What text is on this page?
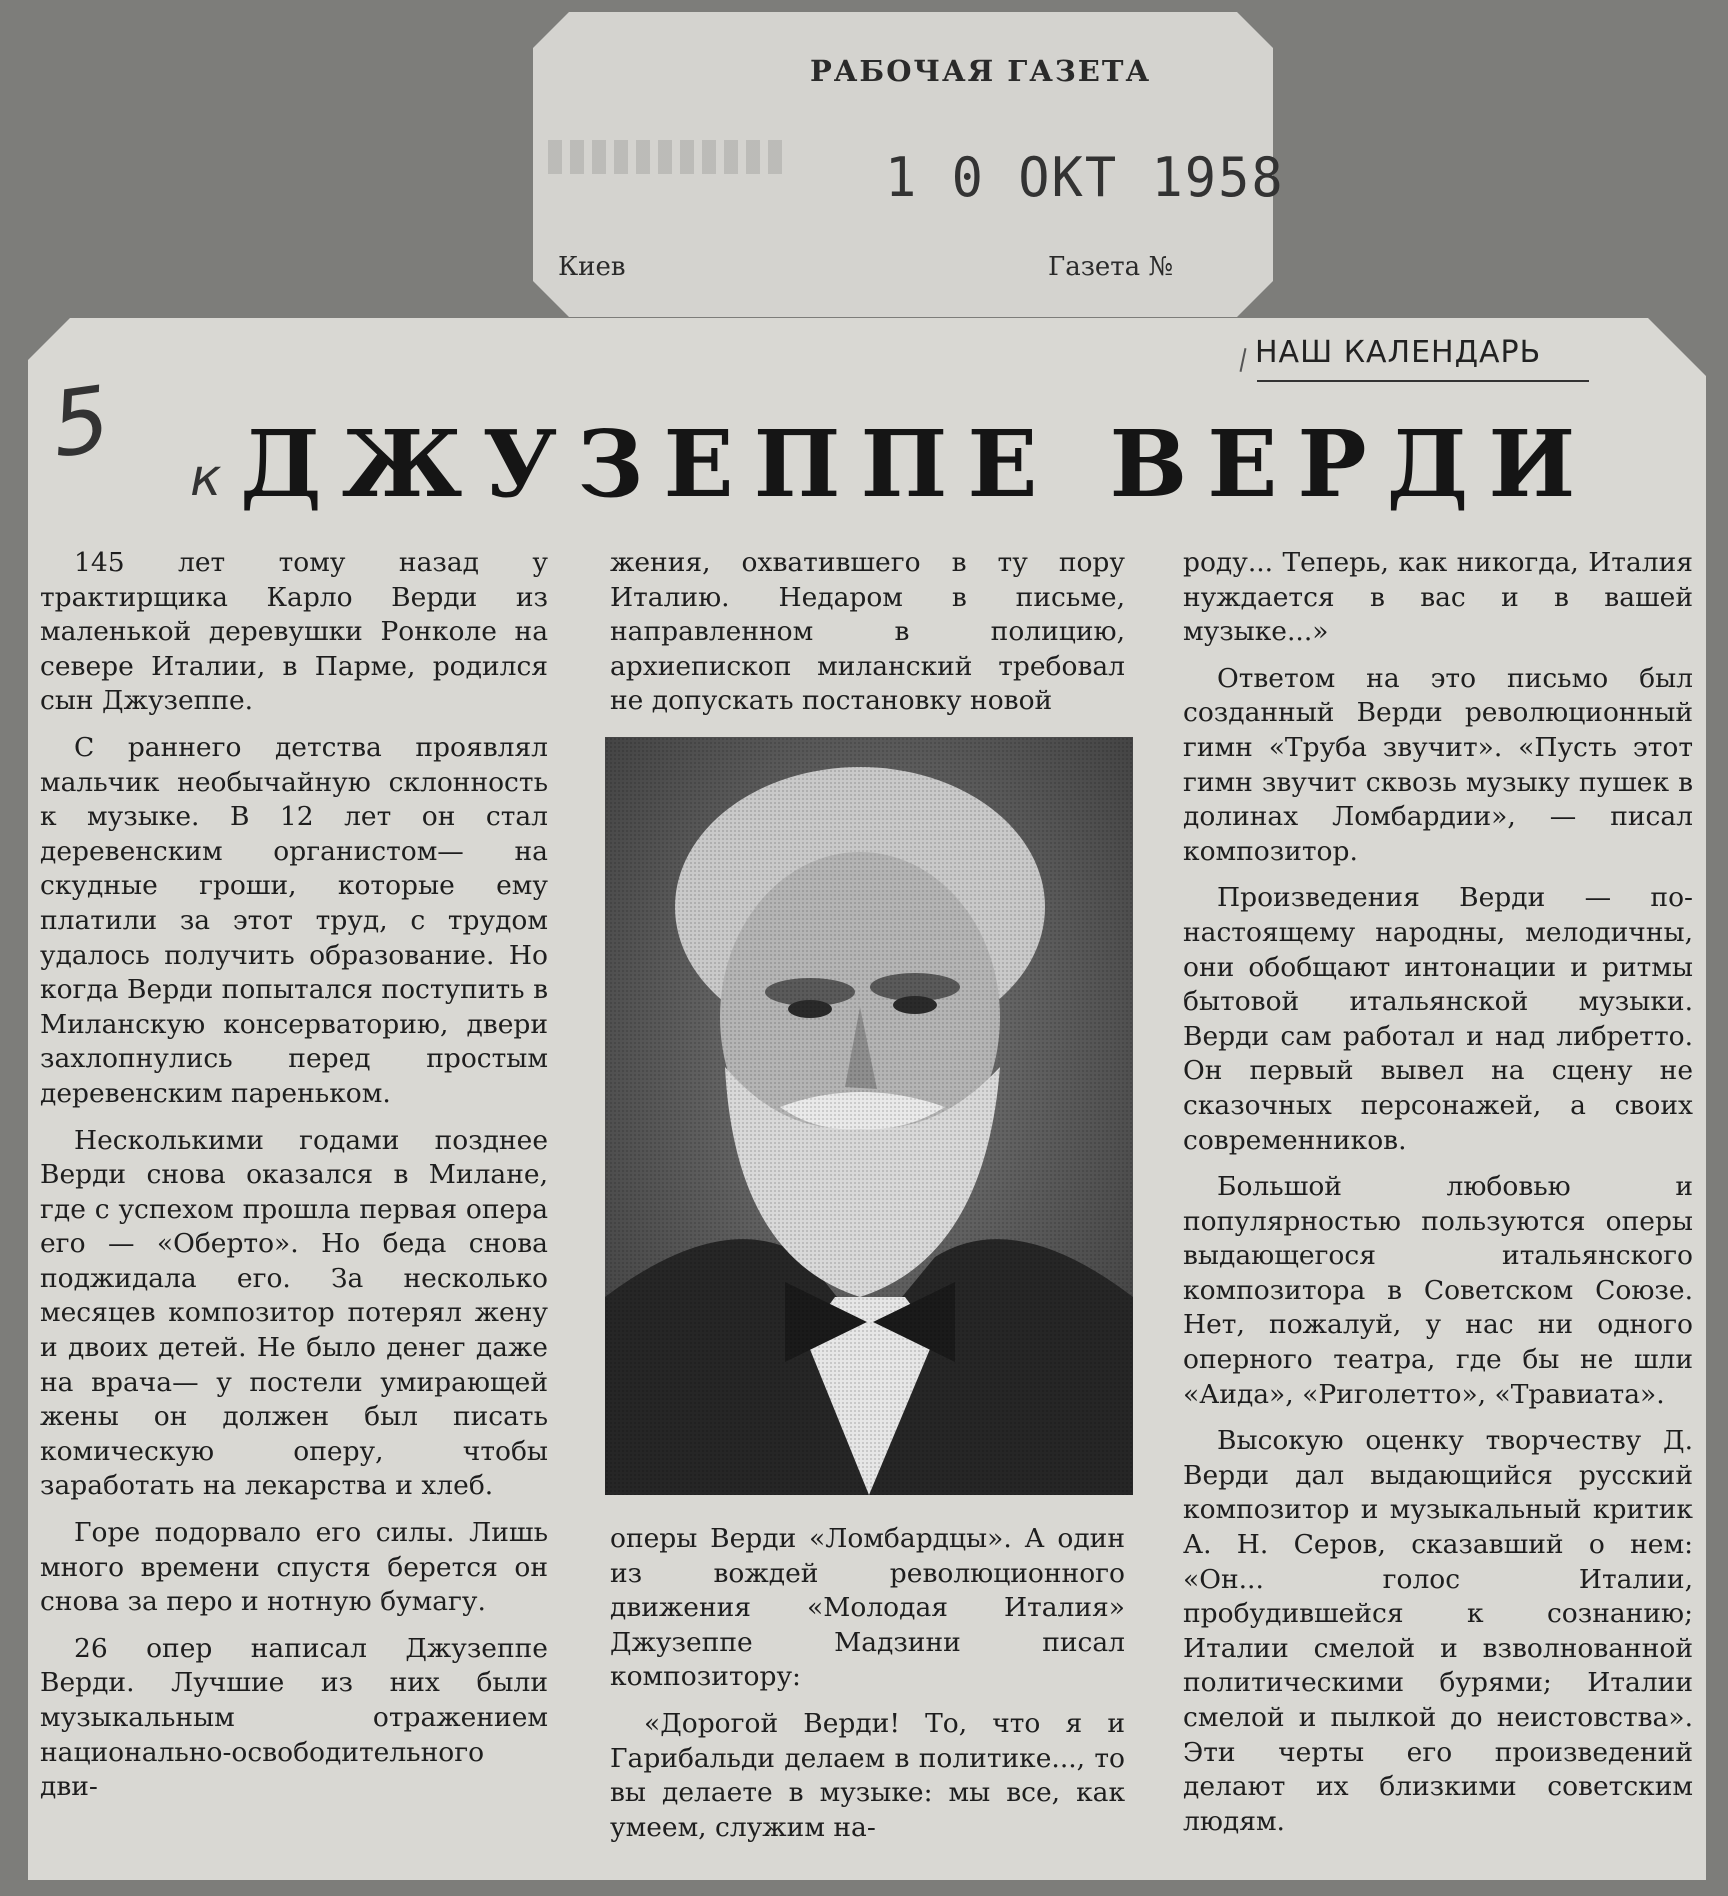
РАБОЧАЯ ГАЗЕТА
1 0 ОКТ 1958
Киев	Газета №
НАШ КАЛЕНДАРЬ
5 к ДЖУЗЕППЕ ВЕРДИ

145 лет тому назад у трактирщика Карло Верди из маленькой деревушки Ронколе на севере Италии, в Парме, родился сын Джузеппе.

С раннего детства проявлял мальчик необычайную склонность к музыке. В 12 лет он стал деревенским органистом— на скудные гроши, которые ему платили за этот труд, с трудом удалось получить образование. Но когда Верди попытался поступить в Миланскую консерваторию, двери захлопнулись перед простым деревенским пареньком.

Несколькими годами позднее Верди снова оказался в Милане, где с успехом прошла первая опера его — «Оберто». Но беда снова поджидала его. За несколько месяцев композитор потерял жену и двоих детей. Не было денег даже на врача— у постели умирающей жены он должен был писать комическую оперу, чтобы заработать на лекарства и хлеб.

Горе подорвало его силы. Лишь много времени спустя берется он снова за перо и нотную бумагу.

26 опер написал Джузеппе Верди. Лучшие из них были музыкальным отражением национально-освободительного дви-

жения, охватившего в ту пору Италию. Недаром в письме, направленном в полицию, архиепископ миланский требовал не допускать постановку новой

оперы Верди «Ломбардцы». А один из вождей революционного движения «Молодая Италия» Джузеппе Мадзини писал композитору:

«Дорогой Верди! То, что я и Гарибальди делаем в политике..., то вы делаете в музыке: мы все, как умеем, служим на-

роду... Теперь, как никогда, Италия нуждается в вас и в вашей музыке...»

Ответом на это письмо был созданный Верди революционный гимн «Труба звучит». «Пусть этот гимн звучит сквозь музыку пушек в долинах Ломбардии», — писал композитор.

Произведения Верди — по-настоящему народны, мелодичны, они обобщают интонации и ритмы бытовой итальянской музыки. Верди сам работал и над либретто. Он первый вывел на сцену не сказочных персонажей, а своих современников.

Большой любовью и популярностью пользуются оперы выдающегося итальянского композитора в Советском Союзе. Нет, пожалуй, у нас ни одного оперного театра, где бы не шли «Аида», «Риголетто», «Травиата».

Высокую оценку творчеству Д. Верди дал выдающийся русский композитор и музыкальный критик А. Н. Серов, сказавший о нем: «Он... голос Италии, пробудившейся к сознанию; Италии смелой и взволнованной политическими бурями; Италии смелой и пылкой до неистовства». Эти черты его произведений делают их близкими советским людям.
